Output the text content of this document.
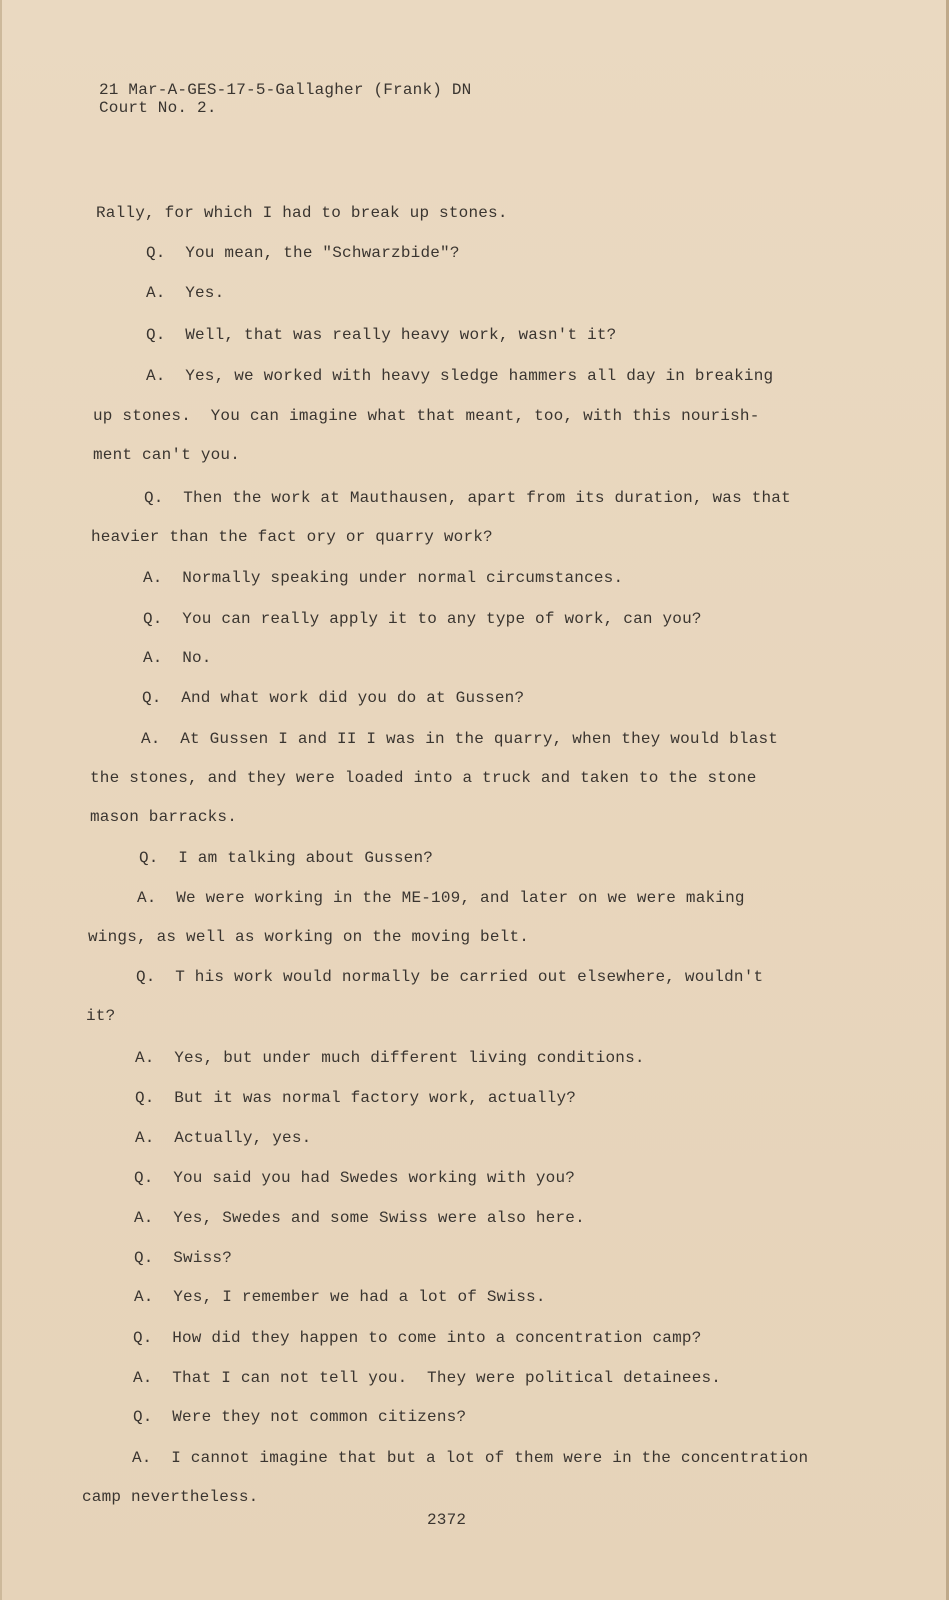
21 Mar-A-GES-17-5-Gallagher (Frank) DN
Court No. 2.
Rally, for which I had to break up stones.
Q.  You mean, the "Schwarzbide"?
A.  Yes.
Q.  Well, that was really heavy work, wasn't it?
A.  Yes, we worked with heavy sledge hammers all day in breaking
up stones.  You can imagine what that meant, too, with this nourish-
ment can't you.
Q.  Then the work at Mauthausen, apart from its duration, was that
heavier than the fact ory or quarry work?
A.  Normally speaking under normal circumstances.
Q.  You can really apply it to any type of work, can you?
A.  No.
Q.  And what work did you do at Gussen?
A.  At Gussen I and II I was in the quarry, when they would blast
the stones, and they were loaded into a truck and taken to the stone
mason barracks.
Q.  I am talking about Gussen?
A.  We were working in the ME-109, and later on we were making
wings, as well as working on the moving belt.
Q.  T his work would normally be carried out elsewhere, wouldn't
it?
A.  Yes, but under much different living conditions.
Q.  But it was normal factory work, actually?
A.  Actually, yes.
Q.  You said you had Swedes working with you?
A.  Yes, Swedes and some Swiss were also here.
Q.  Swiss?
A.  Yes, I remember we had a lot of Swiss.
Q.  How did they happen to come into a concentration camp?
A.  That I can not tell you.  They were political detainees.
Q.  Were they not common citizens?
A.  I cannot imagine that but a lot of them were in the concentration
camp nevertheless.
2372
